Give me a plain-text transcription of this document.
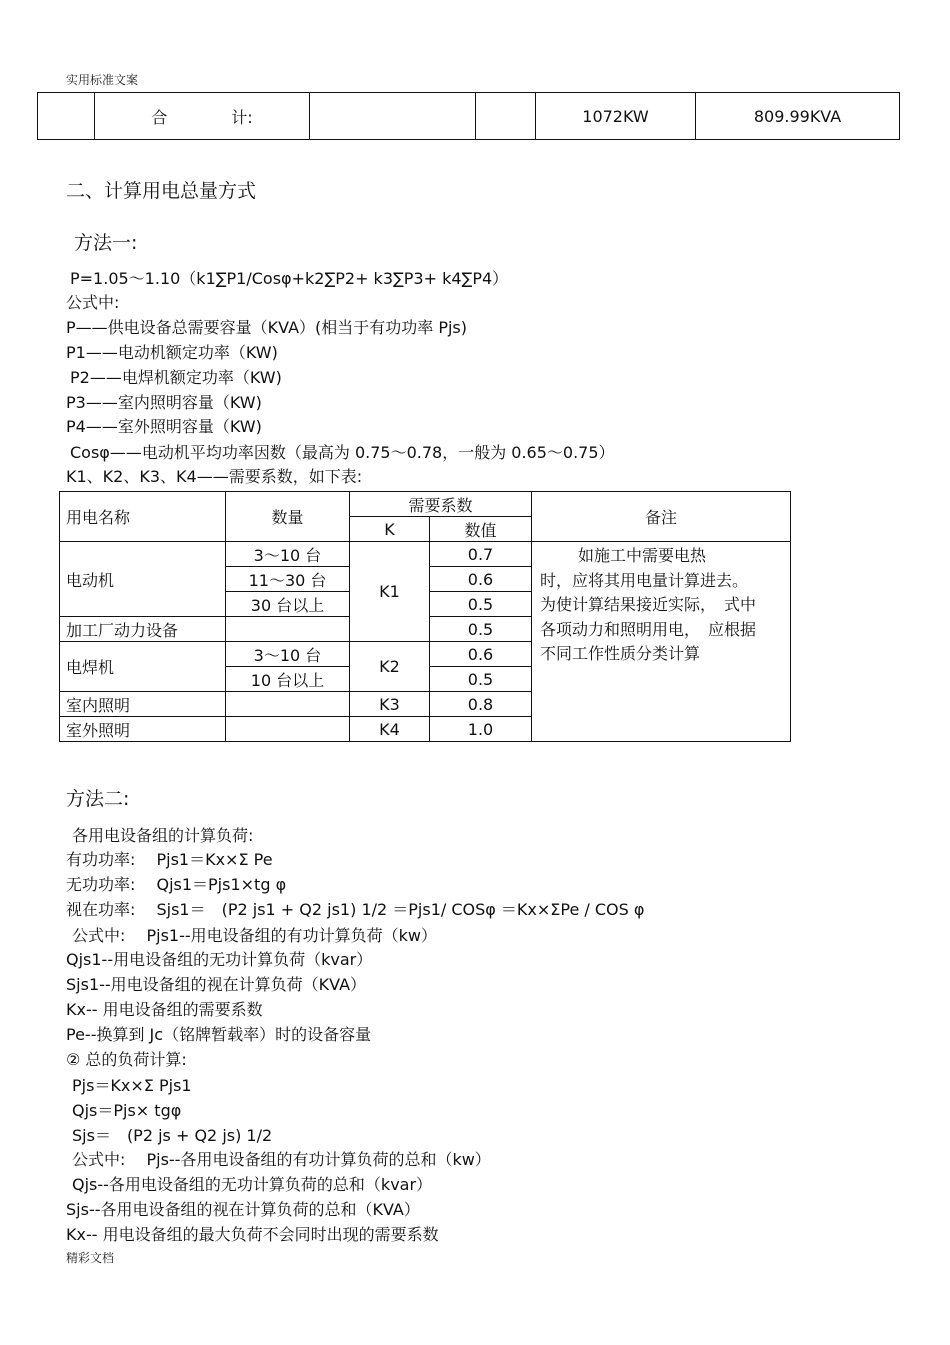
实用标准文案
精彩文档
	合　　　　计:			1072KW	809.99KVA
二、计算用电总量方式
方法一:
P=1.05～1.10（k1∑P1/Cosφ+k2∑P2+ k3∑P3+ k4∑P4）
公式中:
P——供电设备总需要容量（KVA）(相当于有功功率 Pjs)
P1——电动机额定功率（KW)
P2——电焊机额定功率（KW)
P3——室内照明容量（KW)
P4——室外照明容量（KW)
Cosφ——电动机平均功率因数（最高为 0.75～0.78，一般为 0.65～0.75）
K1、K2、K3、K4——需要系数，如下表:
用电名称	数量	需要系数		备注
		K	数值	
电动机	3～10 台	K1	0.7	如施工中需要电热
时，应将其用电量计算进去。
为使计算结果接近实际，　式中
各项动力和照明用电，　应根据
不同工作性质分类计算

	11～30 台		0.6	
	30 台以上		0.5	
加工厂动力设备			0.5	
电焊机	3～10 台	K2	0.6	
	10 台以上		0.5	
室内照明		K3	0.8	
室外照明		K4	1.0	
方法二:
各用电设备组的计算负荷:
有功功率:　 Pjs1＝Kx×Σ Pe
无功功率:　 Qjs1＝Pjs1×tg φ
视在功率:　 Sjs1＝　(P2 js1 + Q2 js1) 1/2 ＝Pjs1/ COSφ ＝Kx×ΣPe / COS φ
公式中:　 Pjs1--用电设备组的有功计算负荷（kw）
Qjs1--用电设备组的无功计算负荷（kvar）
Sjs1--用电设备组的视在计算负荷（KVA）
Kx-- 用电设备组的需要系数
Pe--换算到 Jc（铭牌暂载率）时的设备容量
② 总的负荷计算:
Pjs＝Kx×Σ Pjs1
Qjs＝Pjs× tgφ
Sjs＝　(P2 js + Q2 js) 1/2
公式中:　 Pjs--各用电设备组的有功计算负荷的总和（kw）
Qjs--各用电设备组的无功计算负荷的总和（kvar）
Sjs--各用电设备组的视在计算负荷的总和（KVA）
Kx-- 用电设备组的最大负荷不会同时出现的需要系数
